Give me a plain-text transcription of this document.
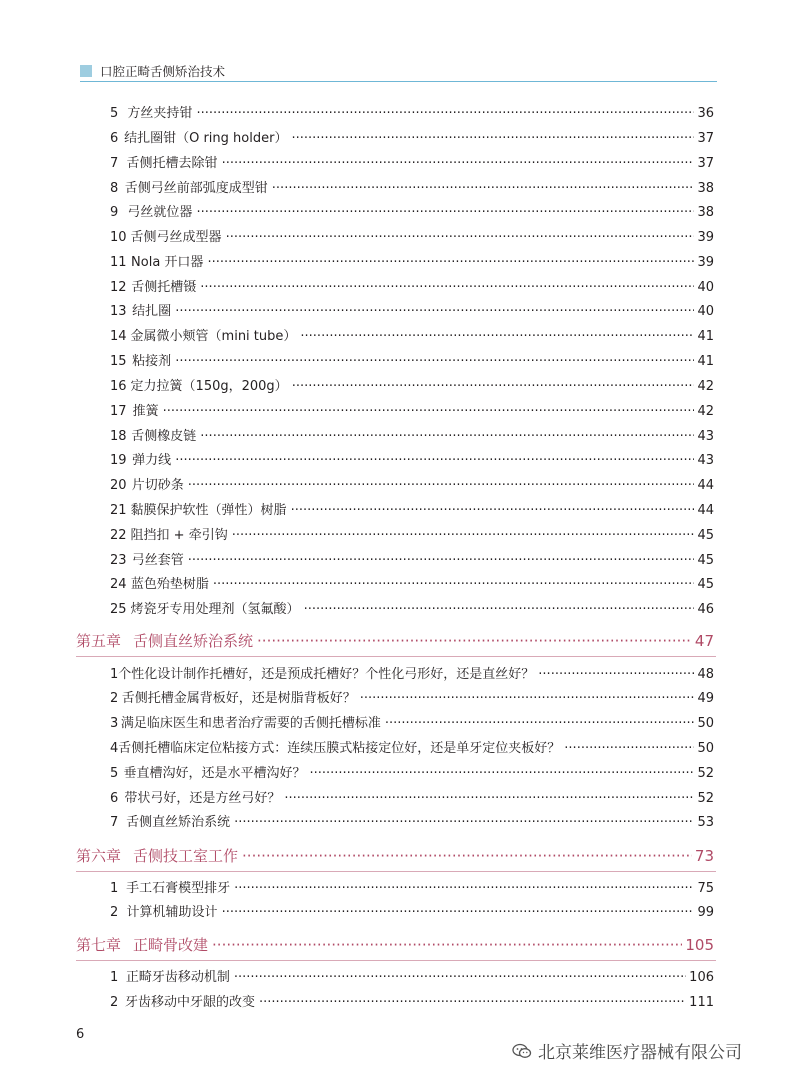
口腔正畸舌侧矫治技术
5 方丝夹持钳 ·····	36
6 结扎圈钳（O ring holder） ·····	37
7 舌侧托槽去除钳 ·····	37
8 舌侧弓丝前部弧度成型钳 ·····	38
9 弓丝就位器 ·····	38
10 舌侧弓丝成型器 ·····	39
11 Nola 开口器 ·····	39
12 舌侧托槽镊 ·····	40
13 结扎圈 ·····	40
14 金属微小颊管（mini tube） ·····	41
15 粘接剂 ·····	41
16 定力拉簧（150g，200g） ·····	42
17 推簧 ·····	42
18 舌侧橡皮链 ·····	43
19 弹力线 ·····	43
20 片切砂条 ·····	44
21 黏膜保护软性（弹性）树脂 ·····	44
22 阻挡扣 + 牵引钩 ·····	45
23 弓丝套管 ·····	45
24 蓝色殆垫树脂 ·····	45
25 烤瓷牙专用处理剂（氢氟酸） ·····	46
第五章 舌侧直丝矫治系统 ·····	47
1 个性化设计制作托槽好，还是预成托槽好？个性化弓形好，还是直丝好？ ·····	48
2 舌侧托槽金属背板好，还是树脂背板好？ ·····	49
3 满足临床医生和患者治疗需要的舌侧托槽标准 ·····	50
4 舌侧托槽临床定位粘接方式：连续压膜式粘接定位好，还是单牙定位夹板好？ ·····	50
5 垂直槽沟好，还是水平槽沟好？ ·····	52
6 带状弓好，还是方丝弓好？ ·····	52
7 舌侧直丝矫治系统 ·····	53
第六章 舌侧技工室工作 ·····	73
1 手工石膏模型排牙 ·····	75
2 计算机辅助设计 ·····	99
第七章 正畸骨改建 ·····	105
1 正畸牙齿移动机制 ·····	106
2 牙齿移动中牙龈的改变 ·····	111
6
北京莱维医疗器械有限公司
